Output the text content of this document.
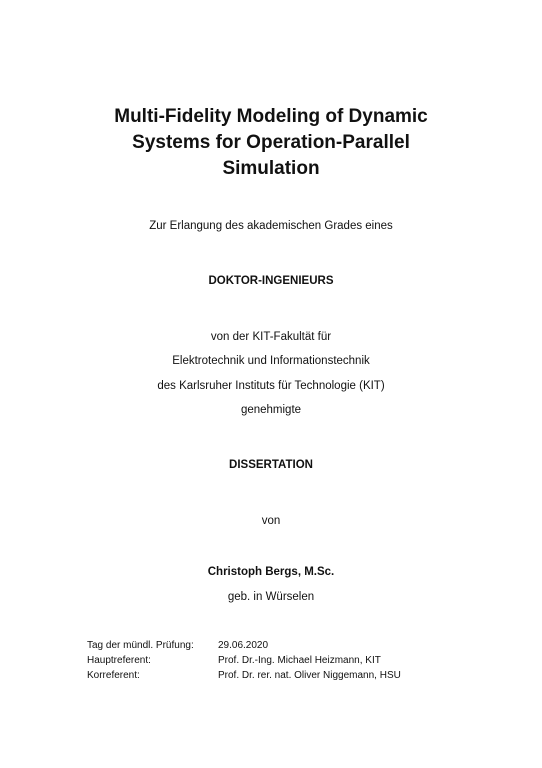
Multi-Fidelity Modeling of Dynamic
Systems for Operation-Parallel
Simulation
Zur Erlangung des akademischen Grades eines
DOKTOR-INGENIEURS
von der KIT-Fakultät für
Elektrotechnik und Informationstechnik
des Karlsruher Instituts für Technologie (KIT)
genehmigte
DISSERTATION
von
Christoph Bergs, M.Sc.
geb. in Würselen
Tag der mündl. Prüfung:	29.06.2020
Hauptreferent:	Prof. Dr.-Ing. Michael Heizmann, KIT
Korreferent:	Prof. Dr. rer. nat. Oliver Niggemann, HSU
